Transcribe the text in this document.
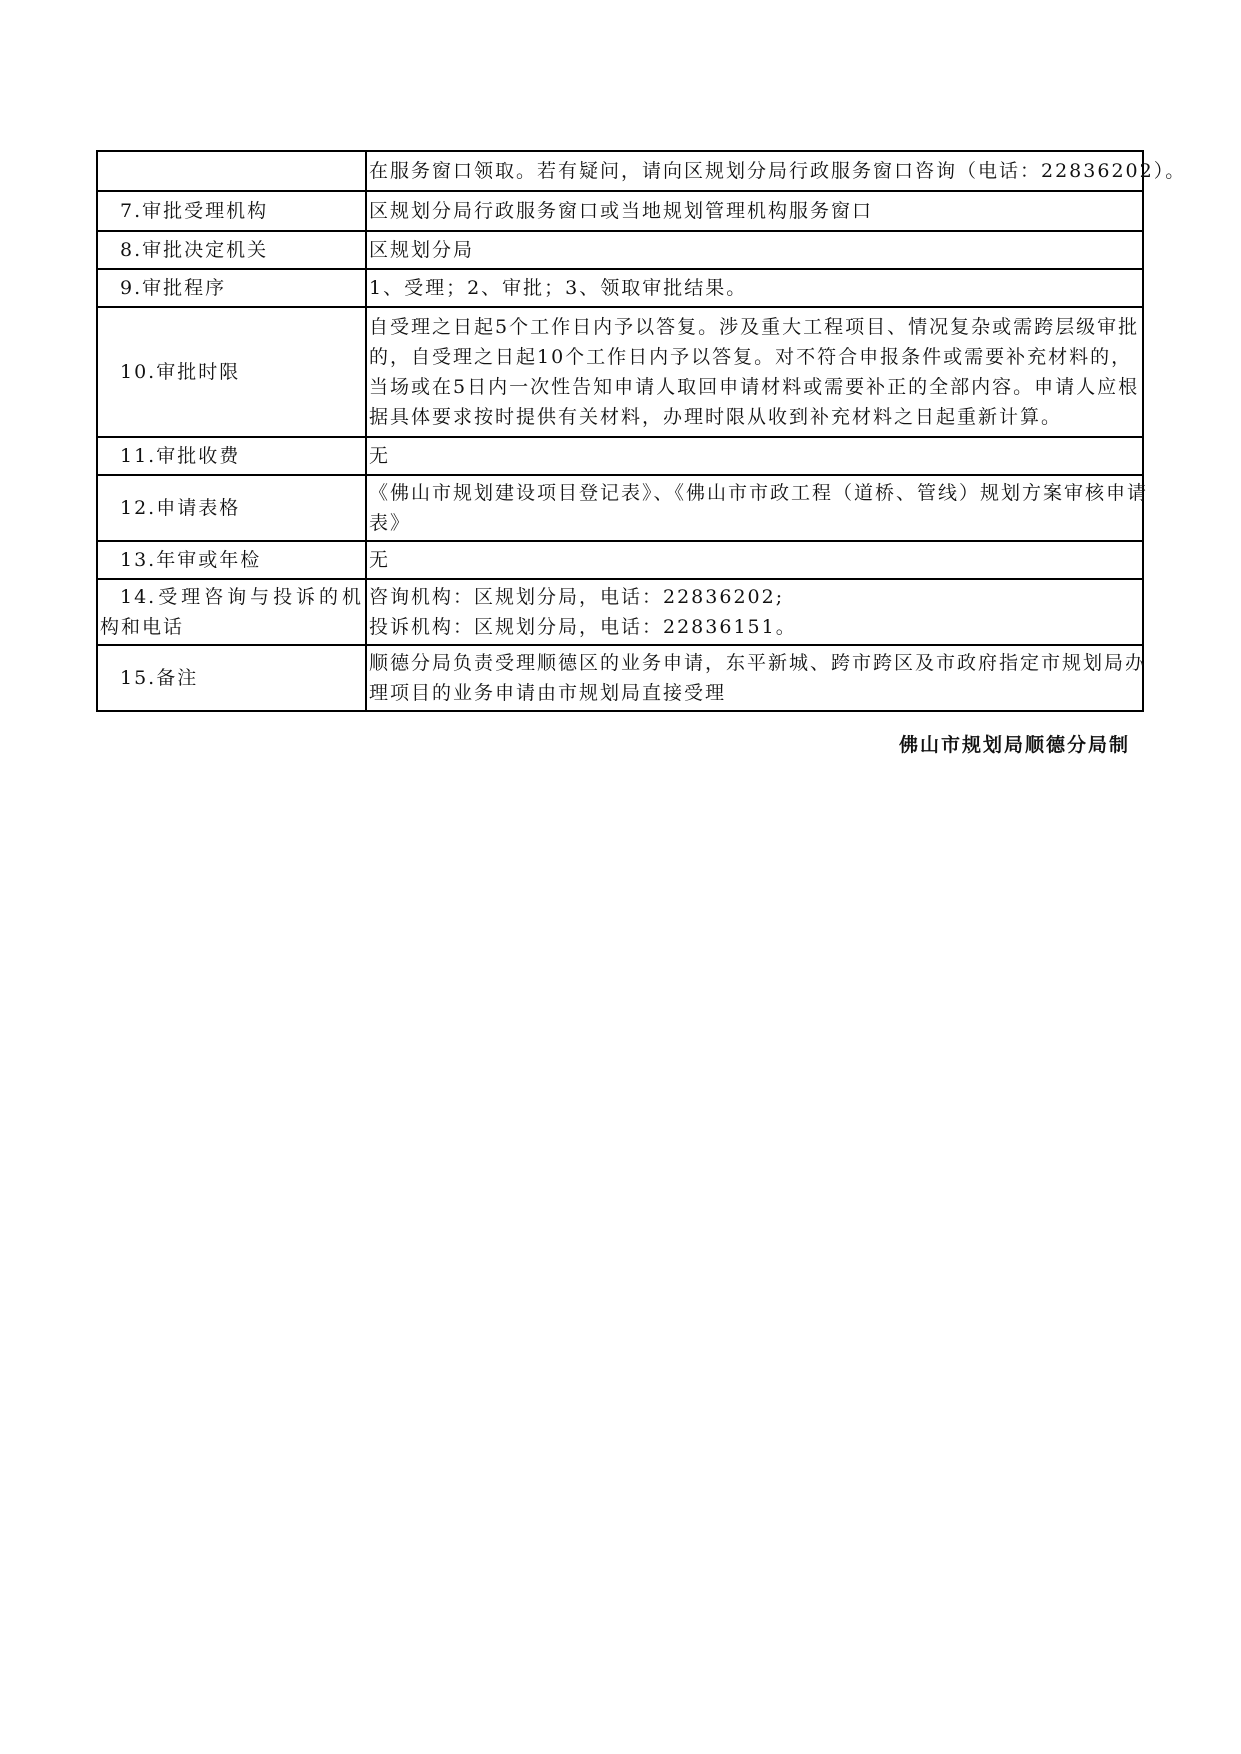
	在服务窗口领取。若有疑问，请向区规划分局行政服务窗口咨询（电话：22836202）。

7.审批受理机构	区规划分局行政服务窗口或当地规划管理机构服务窗口

8.审批决定机关	区规划分局

9.审批程序	1、受理；2、审批；3、领取审批结果。

10.审批时限	自受理之日起5个工作日内予以答复。涉及重大工程项目、情况复杂或需跨层级审批
的，自受理之日起10个工作日内予以答复。对不符合申报条件或需要补充材料的，
当场或在5日内一次性告知申请人取回申请材料或需要补正的全部内容。申请人应根
据具体要求按时提供有关材料，办理时限从收到补充材料之日起重新计算。

11.审批收费	无

12.申请表格	《佛山市规划建设项目登记表》、《佛山市市政工程（道桥、管线）规划方案审核申请
表》

13.年审或年检	无

14.受理咨询与投诉的机构和电话	咨询机构：区规划分局，电话：22836202;
投诉机构：区规划分局，电话：22836151。

15.备注	顺德分局负责受理顺德区的业务申请，东平新城、跨市跨区及市政府指定市规划局办
理项目的业务申请由市规划局直接受理
佛山市规划局顺德分局制
